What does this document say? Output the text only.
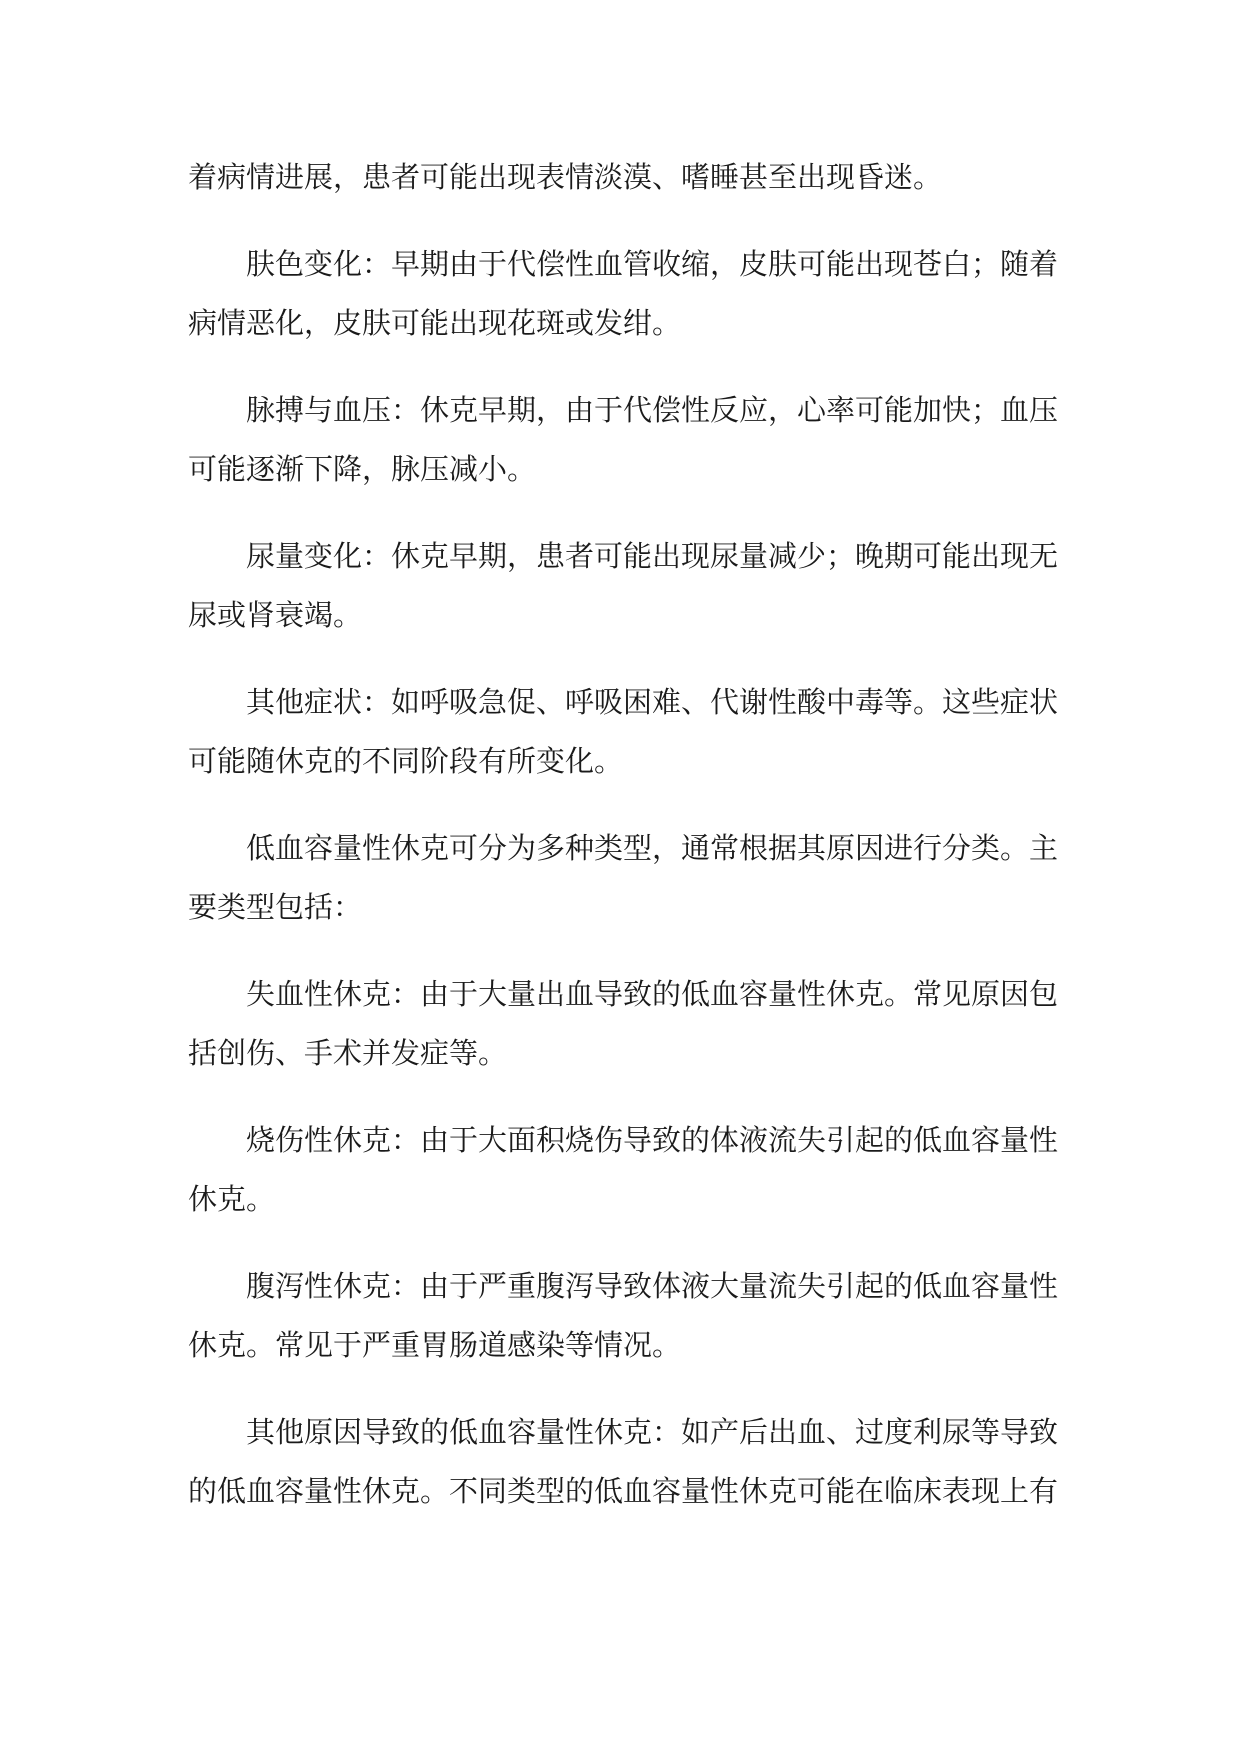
着病情进展，患者可能出现表情淡漠、嗜睡甚至出现昏迷。

肤色变化：早期由于代偿性血管收缩，皮肤可能出现苍白；随着病情恶化，皮肤可能出现花斑或发绀。

脉搏与血压：休克早期，由于代偿性反应，心率可能加快；血压可能逐渐下降，脉压减小。

尿量变化：休克早期，患者可能出现尿量减少；晚期可能出现无尿或肾衰竭。

其他症状：如呼吸急促、呼吸困难、代谢性酸中毒等。这些症状可能随休克的不同阶段有所变化。

低血容量性休克可分为多种类型，通常根据其原因进行分类。主要类型包括：

失血性休克：由于大量出血导致的低血容量性休克。常见原因包括创伤、手术并发症等。

烧伤性休克：由于大面积烧伤导致的体液流失引起的低血容量性休克。

腹泻性休克：由于严重腹泻导致体液大量流失引起的低血容量性休克。常见于严重胃肠道感染等情况。

其他原因导致的低血容量性休克：如产后出血、过度利尿等导致的低血容量性休克。不同类型的低血容量性休克可能在临床表现上有
